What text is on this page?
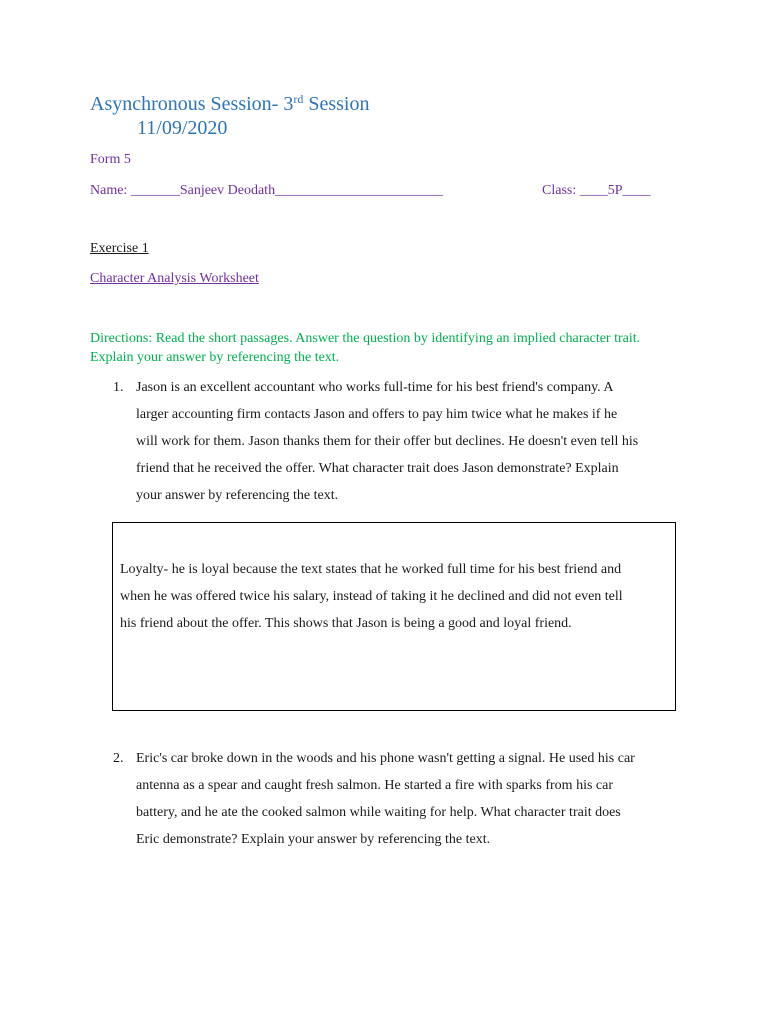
Asynchronous Session- 3rd Session
11/09/2020
Form 5
Name: _______Sanjeev Deodath________________________	Class: ____5P____
Exercise 1
Character Analysis Worksheet
Directions: Read the short passages. Answer the question by identifying an implied character trait. Explain your answer by referencing the text.
1. Jason is an excellent accountant who works full-time for his best friend's company. A
larger accounting firm contacts Jason and offers to pay him twice what he makes if he
will work for them. Jason thanks them for their offer but declines. He doesn't even tell his
friend that he received the offer. What character trait does Jason demonstrate? Explain
your answer by referencing the text.
Loyalty- he is loyal because the text states that he worked full time for his best friend and
when he was offered twice his salary, instead of taking it he declined and did not even tell
his friend about the offer. This shows that Jason is being a good and loyal friend.
2. Eric's car broke down in the woods and his phone wasn't getting a signal. He used his car
antenna as a spear and caught fresh salmon. He started a fire with sparks from his car
battery, and he ate the cooked salmon while waiting for help. What character trait does
Eric demonstrate? Explain your answer by referencing the text.
